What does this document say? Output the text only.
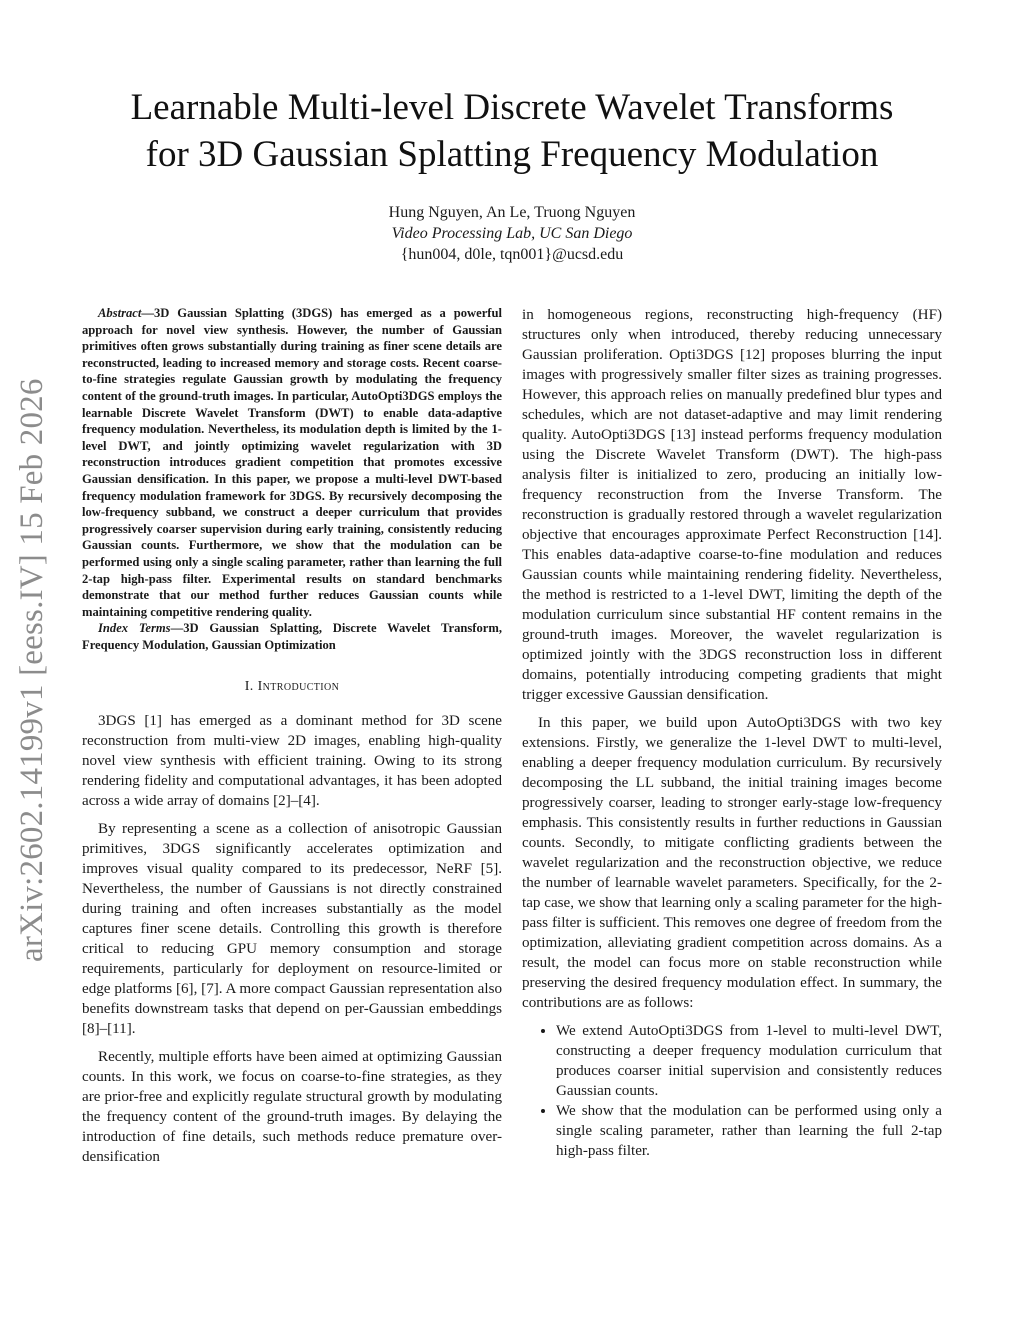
arXiv:2602.14199v1 [eess.IV] 15 Feb 2026
Learnable Multi-level Discrete Wavelet Transforms
for 3D Gaussian Splatting Frequency Modulation
Hung Nguyen, An Le, Truong Nguyen
Video Processing Lab, UC San Diego
{hun004, d0le, tqn001}@ucsd.edu

Abstract—3D Gaussian Splatting (3DGS) has emerged as a powerful approach for novel view synthesis. However, the number of Gaussian primitives often grows substantially during training as finer scene details are reconstructed, leading to increased memory and storage costs. Recent coarse-to-fine strategies regulate Gaussian growth by modulating the frequency content of the ground-truth images. In particular, AutoOpti3DGS employs the learnable Discrete Wavelet Transform (DWT) to enable data-adaptive frequency modulation. Nevertheless, its modulation depth is limited by the 1-level DWT, and jointly optimizing wavelet regularization with 3D reconstruction introduces gradient competition that promotes excessive Gaussian densification. In this paper, we propose a multi-level DWT-based frequency modulation framework for 3DGS. By recursively decomposing the low-frequency subband, we construct a deeper curriculum that provides progressively coarser supervision during early training, consistently reducing Gaussian counts. Furthermore, we show that the modulation can be performed using only a single scaling parameter, rather than learning the full 2-tap high-pass filter. Experimental results on standard benchmarks demonstrate that our method further reduces Gaussian counts while maintaining competitive rendering quality.

Index Terms—3D Gaussian Splatting, Discrete Wavelet Transform, Frequency Modulation, Gaussian Optimization

I. Introduction

3DGS [1] has emerged as a dominant method for 3D scene reconstruction from multi-view 2D images, enabling high-quality novel view synthesis with efficient training. Owing to its strong rendering fidelity and computational advantages, it has been adopted across a wide array of domains [2]–[4].

By representing a scene as a collection of anisotropic Gaussian primitives, 3DGS significantly accelerates optimization and improves visual quality compared to its predecessor, NeRF [5]. Nevertheless, the number of Gaussians is not directly constrained during training and often increases substantially as the model captures finer scene details. Controlling this growth is therefore critical to reducing GPU memory consumption and storage requirements, particularly for deployment on resource-limited or edge platforms [6], [7]. A more compact Gaussian representation also benefits downstream tasks that depend on per-Gaussian embeddings [8]–[11].

Recently, multiple efforts have been aimed at optimizing Gaussian counts. In this work, we focus on coarse-to-fine strategies, as they are prior-free and explicitly regulate structural growth by modulating the frequency content of the ground-truth images. By delaying the introduction of fine details, such methods reduce premature over-densification

in homogeneous regions, reconstructing high-frequency (HF) structures only when introduced, thereby reducing unnecessary Gaussian proliferation. Opti3DGS [12] proposes blurring the input images with progressively smaller filter sizes as training progresses. However, this approach relies on manually predefined blur types and schedules, which are not dataset-adaptive and may limit rendering quality. AutoOpti3DGS [13] instead performs frequency modulation using the Discrete Wavelet Transform (DWT). The high-pass analysis filter is initialized to zero, producing an initially low-frequency reconstruction from the Inverse Transform. The reconstruction is gradually restored through a wavelet regularization objective that encourages approximate Perfect Reconstruction [14]. This enables data-adaptive coarse-to-fine modulation and reduces Gaussian counts while maintaining rendering fidelity. Nevertheless, the method is restricted to a 1-level DWT, limiting the depth of the modulation curriculum since substantial HF content remains in the ground-truth images. Moreover, the wavelet regularization is optimized jointly with the 3DGS reconstruction loss in different domains, potentially introducing competing gradients that might trigger excessive Gaussian densification.

In this paper, we build upon AutoOpti3DGS with two key extensions. Firstly, we generalize the 1-level DWT to multi-level, enabling a deeper frequency modulation curriculum. By recursively decomposing the LL subband, the initial training images become progressively coarser, leading to stronger early-stage low-frequency emphasis. This consistently results in further reductions in Gaussian counts. Secondly, to mitigate conflicting gradients between the wavelet regularization and the reconstruction objective, we reduce the number of learnable wavelet parameters. Specifically, for the 2-tap case, we show that learning only a scaling parameter for the high-pass filter is sufficient. This removes one degree of freedom from the optimization, alleviating gradient competition across domains. As a result, the model can focus more on stable reconstruction while preserving the desired frequency modulation effect. In summary, the contributions are as follows:

• We extend AutoOpti3DGS from 1-level to multi-level DWT, constructing a deeper frequency modulation curriculum that produces coarser initial supervision and consistently reduces Gaussian counts.
• We show that the modulation can be performed using only a single scaling parameter, rather than learning the full 2-tap high-pass filter.
